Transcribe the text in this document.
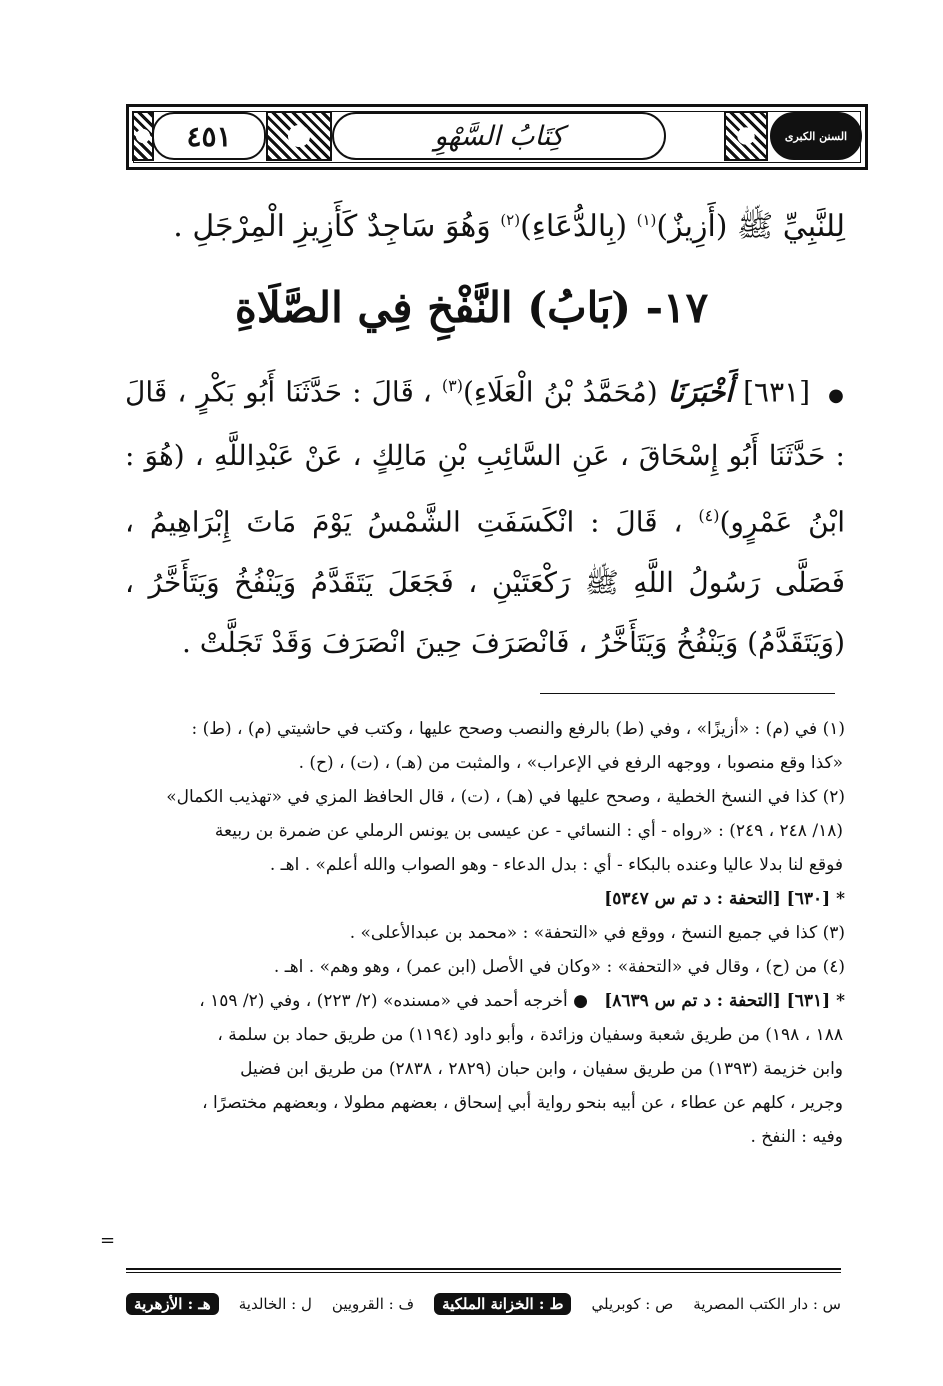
٤٥١	كِتَابُ السَّهْوِ	السنن الكبرى
لِلنَّبِيِّ ﷺ (أَزِيزٌ)$^{(١)}$ (بِالدُّعَاءِ)$^{(٢)}$ وَهُوَ سَاجِدٌ كَأَزِيزِ الْمِرْجَلِ .
١٧- (بَابُ) النَّفْخِ فِي الصَّلَاةِ
● [٦٣١] أَخْبَرَنَا (مُحَمَّدُ بْنُ الْعَلَاءِ)$^{(٣)}$ ، قَالَ : حَدَّثَنَا أَبُو بَكْرٍ ، قَالَ : حَدَّثَنَا أَبُو إِسْحَاقَ ، عَنِ السَّائِبِ بْنِ مَالِكٍ ، عَنْ عَبْدِاللَّهِ ، (هُوَ : ابْنُ عَمْرٍو)$^{(٤)}$ ، قَالَ : انْكَسَفَتِ الشَّمْسُ يَوْمَ مَاتَ إِبْرَاهِيمُ ، فَصَلَّى رَسُولُ اللَّهِ ﷺ رَكْعَتَيْنِ ، فَجَعَلَ يَتَقَدَّمُ وَيَنْفُخُ وَيَتَأَخَّرُ ، (وَيَتَقَدَّمُ) وَيَنْفُخُ وَيَتَأَخَّرُ ، فَانْصَرَفَ حِينَ انْصَرَفَ وَقَدْ تَجَلَّتْ .

(١) في (م) : «أزيزًا» ، وفي (ط) بالرفع والنصب وصحح عليها ، وكتب في حاشيتي (م) ، (ط) :

«كذا وقع منصوبا ، ووجهه الرفع في الإعراب» ، والمثبت من (هـ) ، (ت) ، (ح) .

(٢) كذا في النسخ الخطية ، وصحح عليها في (هـ) ، (ت) ، قال الحافظ المزي في «تهذيب الكمال»

(١٨/ ٢٤٨ ، ٢٤٩) : «رواه - أي : النسائي - عن عيسى بن يونس الرملي عن ضمرة بن ربيعة

فوقع لنا بدلا عاليا وعنده بالبكاء - أي : بدل الدعاء - وهو الصواب والله أعلم» . اهـ .

* [٦٣٠] [التحفة : د تم س ٥٣٤٧]

(٣) كذا في جميع النسخ ، ووقع في «التحفة» : «محمد بن عبدالأعلى» .

(٤) من (ح) ، وقال في «التحفة» : «وكان في الأصل (ابن عمر) ، وهو وهم» . اهـ .

* [٦٣١] [التحفة : د تم س ٨٦٣٩]   ● أخرجه أحمد في «مسنده» (٢/ ٢٢٣) ، وفي (٢/ ١٥٩ ،

١٨٨ ، ١٩٨) من طريق شعبة وسفيان وزائدة ، وأبو داود (١١٩٤) من طريق حماد بن سلمة ،

وابن خزيمة (١٣٩٣) من طريق سفيان ، وابن حبان (٢٨٢٩ ، ٢٨٣٨) من طريق ابن فضيل

وجرير ، كلهم عن عطاء ، عن أبيه بنحو رواية أبي إسحاق ، بعضهم مطولا ، وبعضهم مختصرًا ،

وفيه : النفخ .

=
س : دار الكتب المصرية
ص : كوبريلي
ط : الخزانة الملكية
ف : القرويين
ل : الخالدية
هـ : الأزهرية
